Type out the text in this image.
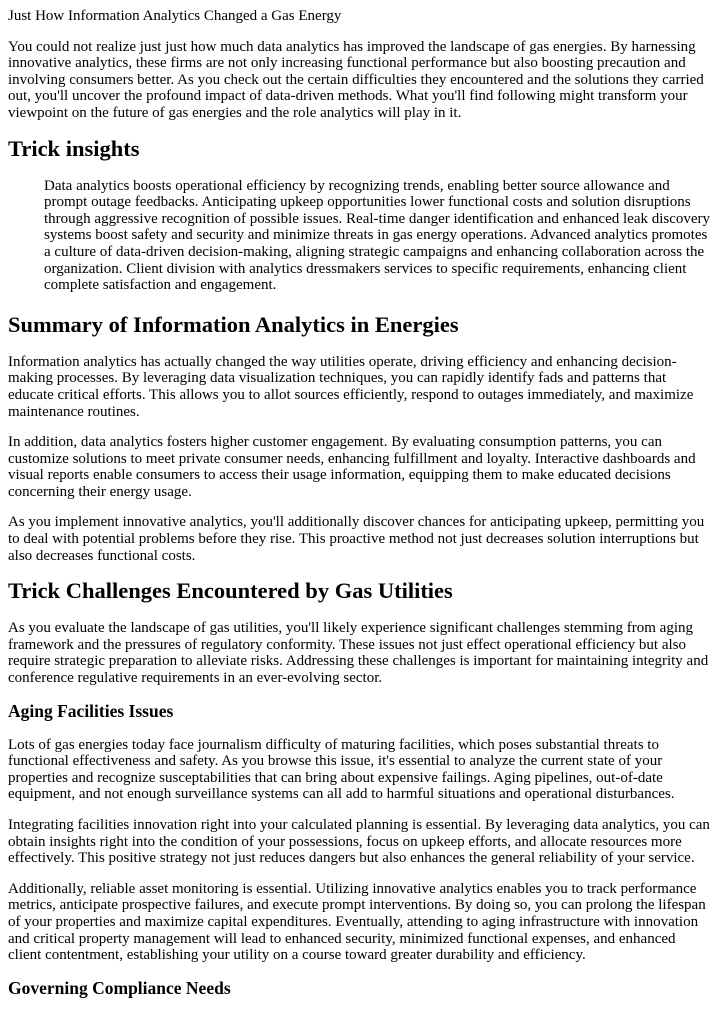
Just How Information Analytics Changed a Gas Energy

You could not realize just just how much data analytics has improved the landscape of gas energies. By harnessing innovative analytics, these firms are not only increasing functional performance but also boosting precaution and involving consumers better. As you check out the certain difficulties they encountered and the solutions they carried out, you'll uncover the profound impact of data-driven methods. What you'll find following might transform your viewpoint on the future of gas energies and the role analytics will play in it.

Trick insights

Data analytics boosts operational efficiency by recognizing trends, enabling better source allowance and prompt outage feedbacks. Anticipating upkeep opportunities lower functional costs and solution disruptions through aggressive recognition of possible issues. Real-time danger identification and enhanced leak discovery systems boost safety and security and minimize threats in gas energy operations. Advanced analytics promotes a culture of data-driven decision-making, aligning strategic campaigns and enhancing collaboration across the organization. Client division with analytics dressmakers services to specific requirements, enhancing client complete satisfaction and engagement.

Summary of Information Analytics in Energies

Information analytics has actually changed the way utilities operate, driving efficiency and enhancing decision-making processes. By leveraging data visualization techniques, you can rapidly identify fads and patterns that educate critical efforts. This allows you to allot sources efficiently, respond to outages immediately, and maximize maintenance routines.

In addition, data analytics fosters higher customer engagement. By evaluating consumption patterns, you can customize solutions to meet private consumer needs, enhancing fulfillment and loyalty. Interactive dashboards and visual reports enable consumers to access their usage information, equipping them to make educated decisions concerning their energy usage.

As you implement innovative analytics, you'll additionally discover chances for anticipating upkeep, permitting you to deal with potential problems before they rise. This proactive method not just decreases solution interruptions but also decreases functional costs.

Trick Challenges Encountered by Gas Utilities

As you evaluate the landscape of gas utilities, you'll likely experience significant challenges stemming from aging framework and the pressures of regulatory conformity. These issues not just effect operational efficiency but also require strategic preparation to alleviate risks. Addressing these challenges is important for maintaining integrity and conference regulative requirements in an ever-evolving sector.

Aging Facilities Issues

Lots of gas energies today face journalism difficulty of maturing facilities, which poses substantial threats to functional effectiveness and safety. As you browse this issue, it's essential to analyze the current state of your properties and recognize susceptabilities that can bring about expensive failings. Aging pipelines, out-of-date equipment, and not enough surveillance systems can all add to harmful situations and operational disturbances.

Integrating facilities innovation right into your calculated planning is essential. By leveraging data analytics, you can obtain insights right into the condition of your possessions, focus on upkeep efforts, and allocate resources more effectively. This positive strategy not just reduces dangers but also enhances the general reliability of your service.

Additionally, reliable asset monitoring is essential. Utilizing innovative analytics enables you to track performance metrics, anticipate prospective failures, and execute prompt interventions. By doing so, you can prolong the lifespan of your properties and maximize capital expenditures. Eventually, attending to aging infrastructure with innovation and critical property management will lead to enhanced security, minimized functional expenses, and enhanced client contentment, establishing your utility on a course toward greater durability and efficiency.

Governing Compliance Needs
